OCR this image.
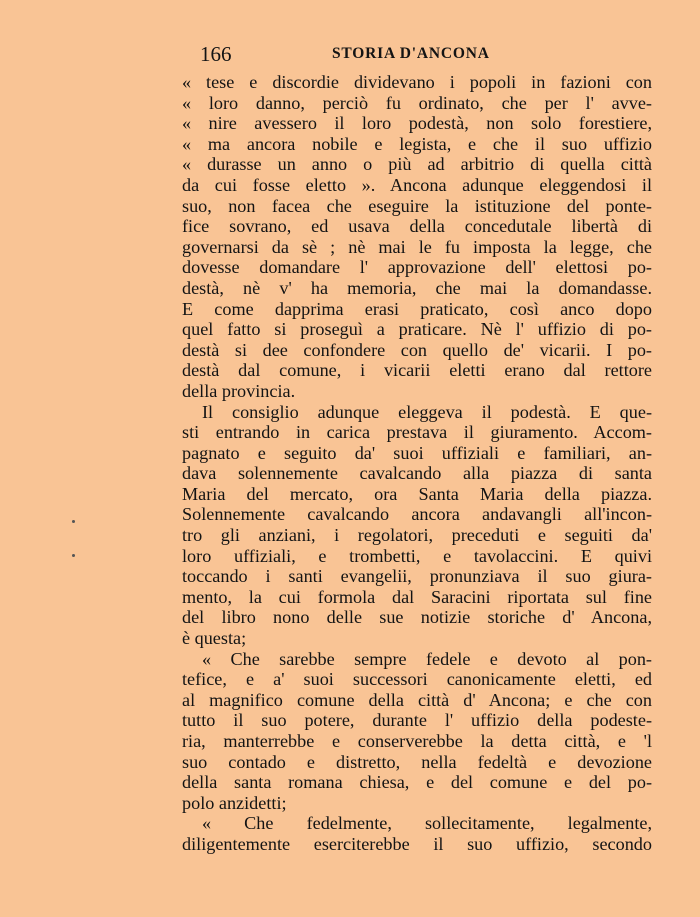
166	STORIA D'ANCONA
« tese e discordie dividevano i popoli in fazioni con
« loro danno, perciò fu ordinato, che per l' avve-
« nire avessero il loro podestà, non solo forestiere,
« ma ancora nobile e legista, e che il suo uffizio
« durasse un anno o più ad arbitrio di quella città
da cui fosse eletto ». Ancona adunque eleggendosi il
suo, non facea che eseguire la istituzione del ponte-
fice sovrano, ed usava della concedutale libertà di
governarsi da sè ; nè mai le fu imposta la legge, che
dovesse domandare l' approvazione dell' elettosi po-
destà, nè v' ha memoria, che mai la domandasse.
E come dapprima erasi praticato, così anco dopo
quel fatto si proseguì a praticare. Nè l' uffizio di po-
destà si dee confondere con quello de' vicarii. I po-
destà dal comune, i vicarii eletti erano dal rettore
della provincia.
Il consiglio adunque eleggeva il podestà. E que-
sti entrando in carica prestava il giuramento. Accom-
pagnato e seguito da' suoi uffiziali e familiari, an-
dava solennemente cavalcando alla piazza di santa
Maria del mercato, ora Santa Maria della piazza.
Solennemente cavalcando ancora andavangli all'incon-
tro gli anziani, i regolatori, preceduti e seguiti da'
loro uffiziali, e trombetti, e tavolaccini. E quivi
toccando i santi evangelii, pronunziava il suo giura-
mento, la cui formola dal Saracini riportata sul fine
del libro nono delle sue notizie storiche d' Ancona,
è questa;
« Che sarebbe sempre fedele e devoto al pon-
tefice, e a' suoi successori canonicamente eletti, ed
al magnifico comune della città d' Ancona; e che con
tutto il suo potere, durante l' uffizio della podeste-
ria, manterrebbe e conserverebbe la detta città, e 'l
suo contado e distretto, nella fedeltà e devozione
della santa romana chiesa, e del comune e del po-
polo anzidetti;
« Che fedelmente, sollecitamente, legalmente,
diligentemente eserciterebbe il suo uffizio, secondo
